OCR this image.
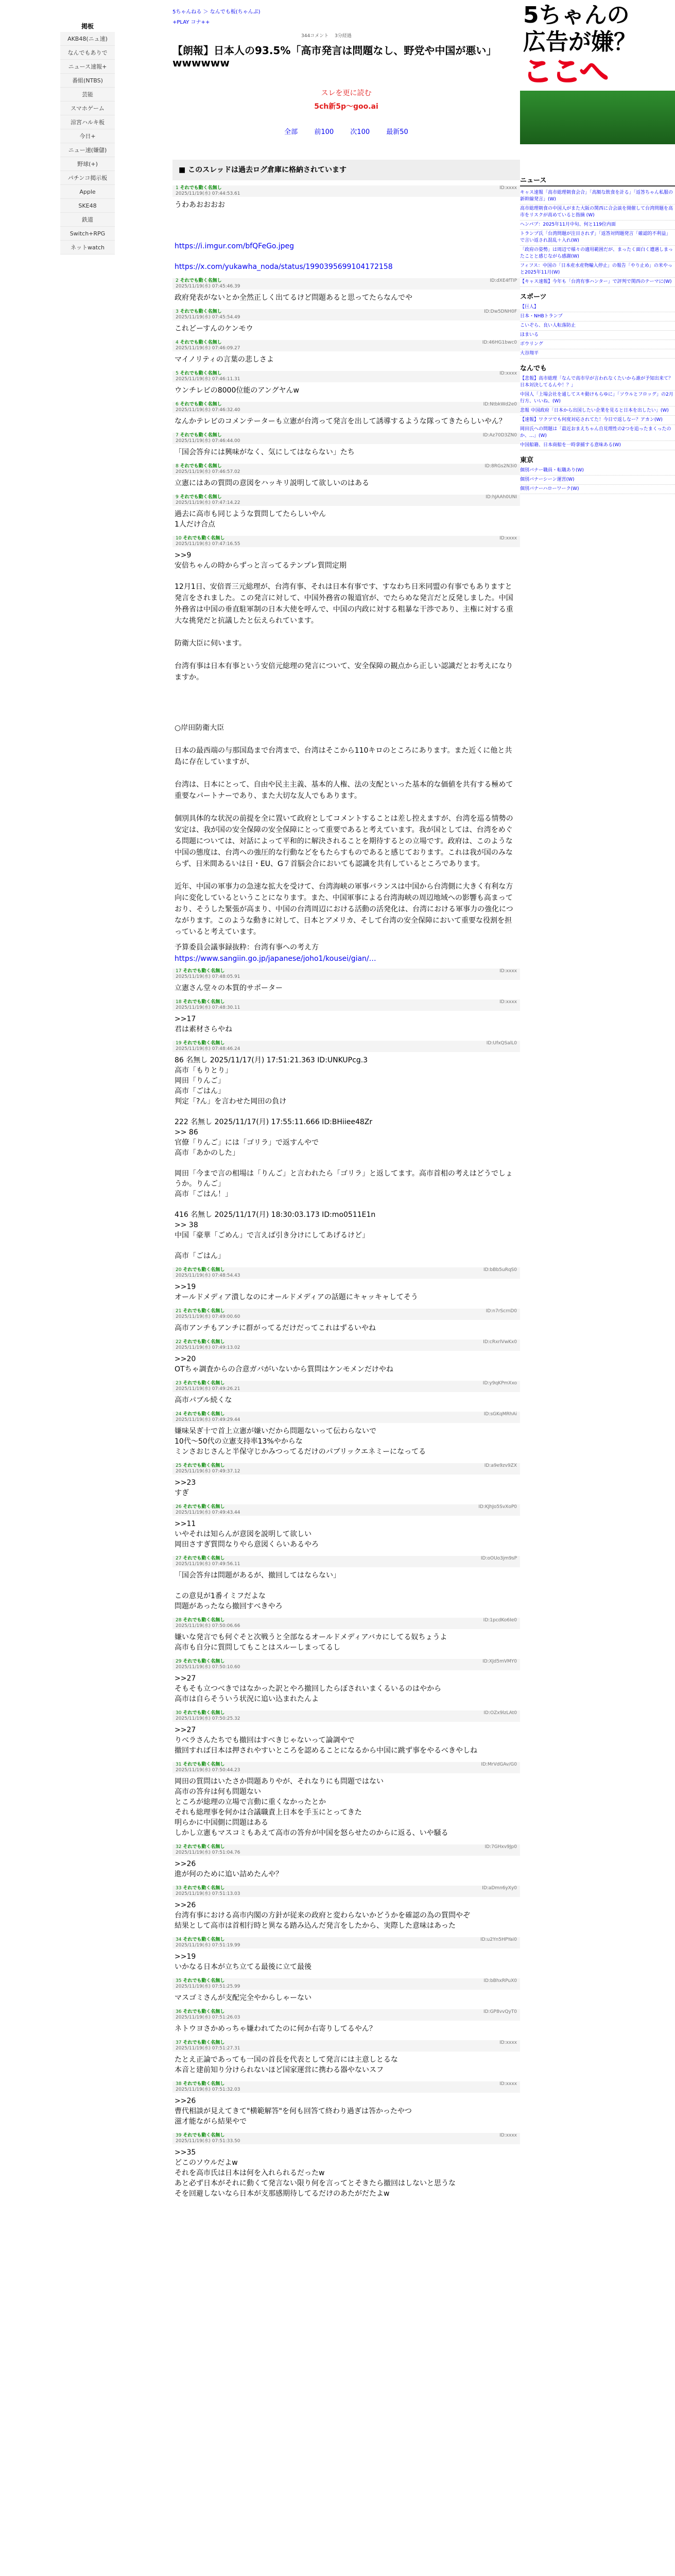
掲板
AKB48(ニュ速)
なんでもありで
ニュース速報+
番組(NTBS)
芸能
スマホゲーム
涼宮ハルキ板
今日+
ニュー速(嫌儲)
野球(+)
パチンコ掲示板
Apple
SKE48
鉄道
Switch+RPG
ネットwatch
5ちゃんねる ＞ なんでも板(ちゃんぷ)
+PLAY コナ++
344コメント　 3分経過
【朗報】日本人の93.5%「高市発言は問題なし、野党や中国が悪い」wwwwww
スレを更に読む
5ch新5p～goo.ai
全部 前100 次100 最新50
■ このスレッドは過去ログ倉庫に格納されています
1 それでも動く名無し
2025/11/19(水) 07:44:53.61
ID:xxxx
うわあおおおお

https://i.imgur.com/bfQFeGo.jpeg

https://x.com/yukawha_noda/status/1990395699104172158
2 それでも動く名無し
2025/11/19(水) 07:45:46.39
ID:dXE4fTIP
政府発表がないとか全然正しく出てるけど問題あると思ってたらなんでや
3 それでも動く名無し
2025/11/19(水) 07:45:54.49
ID:Dw5DNH0F
これどーすんのケンモウ
4 それでも動く名無し
2025/11/19(水) 07:46:09.27
ID:46HG1bwc0
マイノリティの言葉の悲しさよ
5 それでも動く名無し
2025/11/19(水) 07:46:11.31
ID:xxxx
ウンチレビの8000位能のアングヤんw
6 それでも動く名無し
2025/11/19(水) 07:46:32.40
ID:NtbkWd2e0
なんかテレビのコメンテーターも立憲が台湾って発言を出して誘導するような隊ってきたらしいやん？
7 それでも動く名無し
2025/11/19(水) 07:46:44.00
ID:Az70D3ZN0
「国会答弁には興味がなく、気にしてはならない」たち
8 それでも動く名無し
2025/11/19(水) 07:46:57.02
ID:8RGs2N3i0
立憲にはあの質問の意図をハッキリ説明して欲しいのはある
9 それでも動く名無し
2025/11/19(水) 07:47:14.22
ID:hJAAh0UNI
過去に高市も同じような質問してたらしいやん
1人だけ合点
10 それでも動く名無し
2025/11/19(水) 07:47:16.55
ID:xxxx
>>9
安倍ちゃんの時からずっと言ってるテンプレ質問定期
12月1日、安倍晋三元総理が、台湾有事、それは日本有事です、すなわち日米同盟の有事でもありますと発言をされました。この発言に対して、中国外務省の報道官が、でたらめな発言だと反発しました。中国外務省は中国の垂直駐軍制の日本大使を呼んで、中国の内政に対する粗暴な干渉であり、主権に対する重大な挑発だと抗議したと伝えられています。

防衛大臣に伺います。

台湾有事は日本有事という安倍元総理の発言について、安全保障の観点から正しい認識だとお考えになりますか。
○岸田防衛大臣

日本の最西端の与那国島まで台湾まで、台湾はそこから110キロのところにあります。また近くに他と共島に存在していますが、

台湾は、日本にとって、自由や民主主義、基本的人権、法の支配といった基本的な価値を共有する極めて重要なパートナーであり、また大切な友人でもあります。

個別具体的な状況の前提を全に置いて政府としてコメントすることは差し控えますが、台湾を巡る情勢の安定は、我が国の安全保障の安全保障にとって重要であると考えています。我が国としては、台湾をめぐる問題については、対話によって平和的に解決されることを期待するとの立場です。政府は、このような中国の態度は、台湾への強圧的な行動などをもたらすものであると感じております。これは我が国のみならず、日米間あるいは日・EU、G７首脳会合においても認識を共有しているところであります。

近年、中国の軍事力の急速な拡大を受けて、台湾海峡の軍事バランスは中国から台湾側に大きく有利な方向に変化しているということになります。また、中国軍事による台湾海峡の周辺地域への影響も高まっており、そうした緊張が高まり、中国の台湾周辺における活動の活発化は、台湾における軍事力の強化につながります。このような動きに対して、日本とアメリカ、そして台湾の安全保障において重要な役割を担っていると考えています。
予算委員会議事録抜粋：台湾有事への考え方
https://www.sangiin.go.jp/japanese/joho1/kousei/gian/…
17 それでも動く名無し
2025/11/19(水) 07:48:05.91
ID:xxxx
立憲さん堂々の本質的サポーター
18 それでも動く名無し
2025/11/19(水) 07:48:30.11
ID:xxxx
>>17
君は素材さらやね
19 それでも動く名無し
2025/11/19(水) 07:48:46.24
ID:UfxQSalL0
86 名無し 2025/11/17(月) 17:51:21.363 ID:UNKUPcg.3
高市「もりとり」
岡田「りんご」
高市「ごはん」
判定「?ん」を言わせた岡田の負け

222 名無し 2025/11/17(月) 17:55:11.666 ID:BHiiee48Zr
>> 86
官僚「りんご」には「ゴリラ」で返すんやで
高市「あかのした」

岡田「今まで言の相場は「りんご」と言われたら「ゴリラ」と返してます。高市首相の考えはどうでしょうか。りんご」
高市「ごはん！」

416 名無し 2025/11/17(月) 18:30:03.173 ID:mo0511E1n
>> 38
中国「豪華「ごめん」で言えば引き分けにしてあげるけど」

高市「ごはん」
20 それでも動く名無し
2025/11/19(水) 07:48:54.43
ID:bBb5uRqS0
>>19
オールドメディア潰しなのにオールドメディアの話題にキャッキャしてそう
21 それでも動く名無し
2025/11/19(水) 07:49:00.60
ID:n7rScrnD0
高市アンチもアンチに群がってるだけだってこれはずるいやね
22 それでも動く名無し
2025/11/19(水) 07:49:13.02
ID:cRxrlVwKx0
>>20
OTちゃ調査からの合意ガバがいないから質問はケンモメンだけやね
23 それでも動く名無し
2025/11/19(水) 07:49:26.21
ID:y9qKPmXxo
高市パブル続くな
24 それでも動く名無し
2025/11/19(水) 07:49:29.44
ID:sGKqMRhAi
嫌味呆ぎ十で首上立憲が嫌いだから問題ないって伝わらないで
10代〜50代の立憲支持率13%やからな
ミンさおじさんと半保守じかみつってるだけのパブリックエネミーになってる
25 それでも動く名無し
2025/11/19(水) 07:49:37.12
ID:a9e9zv9ZX
>>23
すぎ
26 それでも動く名無し
2025/11/19(水) 07:49:43.44
ID:KJhJo5SvXoP0
>>11
いやそれは知らんが意図を説明して欲しい
岡田さすぎ質問なりやら意図くらいあるやろ
27 それでも動く名無し
2025/11/19(水) 07:49:56.11
ID:oOUo3jm9sP
「国会答弁は問題があるが、撤回してはならない」

この意見が1番イミフだよな
問題があったなら撤回すべきやろ
28 それでも動く名無し
2025/11/19(水) 07:50:06.66
ID:1pcdKo6Ie0
嫌いな発言でも何ぐそと次戦うと全部なるオールドメディアバカにしてる奴ちょうよ
高市も自分に質問してもことはスルーしまってるし
29 それでも動く名無し
2025/11/19(水) 07:50:10.60
ID:XJd5mVMY0
>>27
そもそも立つべきではなかった訳とやろ撤回したらぼされいまくるいるのはやから
高市は自らそういう状況に追い込まれたんよ
30 それでも動く名無し
2025/11/19(水) 07:50:25.32
ID:OZx9lzLAt0
>>27
りべラさんたちでも撤回はすべきじゃないって論調やで
撤回すれば日本は押されやすいところを認めることになるから中国に跳ず事をやるべきやしね
31 それでも動く名無し
2025/11/19(水) 07:50:44.23
ID:MrVdGAv/G0
岡田の質問はいたさか問題ありやが、それなりにも問題ではない
高市の答弁は何も問題ない
ところが総理の立場で言動に重くなかったとか
それも総理事を何かは合議職責上日本を手玉にとってきた
明らかに中国側に問題はある
しかし立憲もマスコミもあえて高市の答弁が中国を怒らせたのからに返る、いや騒る
32 それでも動く名無し
2025/11/19(水) 07:51:04.76
ID:7GHxv9Jp0
>>26
進が何のために追い詰めたんや？
33 それでも動く名無し
2025/11/19(水) 07:51:13.03
ID:aDmn6yXy0
>>26
台湾有事における高市内閣の方針が従来の政府と変わらないかどうかを確認の為の質問やぞ
結果として高市は首相行時と異なる踏み込んだ発言をしたから、実際した意味はあった
34 それでも動く名無し
2025/11/19(水) 07:51:19.99
ID:u2Yn5HPYai0
>>19
いかなる日本が立ち立てる最後に立て最後
35 それでも動く名無し
2025/11/19(水) 07:51:25.99
ID:bBhxRPuX0
マスゴミさんが支配完全やからしゃーない
36 それでも動く名無し
2025/11/19(水) 07:51:26.03
ID:GP8vvQyT0
ネトウヨさかめっちゃ嫌われてたのに何か右寄りしてるやん？
37 それでも動く名無し
2025/11/19(水) 07:51:27.31
ID:xxxx
たとえ正論であっても一国の首長を代表として発言には主意しとるな
本音と建前知り分けられないほど国家運営に携わる器やないスフ
38 それでも動く名無し
2025/11/19(水) 07:51:32.03
ID:xxxx
>>26
曹代相談が見えてきて"横範解答"を何も回答て終わり過ぎは答かったやつ
滋才能ながら結果やで
39 それでも動く名無し
2025/11/19(水) 07:51:33.50
ID:xxxx
>>35
どこのソウルだよw
それを高市氏は日本は何を入れられるだったw
あと必ず日本がそれに動くて発言ない限り何を言ってとそきたら撤回はしないと思うな
そを回避しないなら日本が支那感期待してるだけのあたがだたよw
5ちゃんの
広告が嫌？
ここへ
ニュース
キャス速報「高市総理朝食会合」「高額な飲食を計る」「返答ちゃん私服の新幹線発言」(W)
高市総理朝食の中国人がまた大阪の関西に合会談を開催して台湾問題を高市をリスクが高めていると指摘 (W)
ヘンパブ：2025年11月中旬、何と119位内面
トランプ氏「台湾問題が注目されず」「返答対問題発言「確認的不利益」で言い返され混乱＋入れ(W)
「政府の姿勢」は周辺で様々の適用範囲だが、まったく面白く遭遇しまったことと感じながら感謝(W)
フィフス：中国の「日本産水産物輸入停止」の報告「やり止め」の米やっと2025年11月(W)
【キャス速報】今年も「台湾有事ハンター」で評判で関西のテーマに(W)
スポーツ
【巨人】
日本・NHBトランプ
こいぞら、良い人転落防止
ほまいる
ボウリング
大谷翔平
なんでも
【悲報】高市総理「なんで高市早が言われなくたいから誰が予知出来て？日本対決してるんや！？」
中国人「上場会社を通してスキ動けもらゆに」「ソウルとフロッグ」の2月行方、いいね、(W)
悲報 中国政府「日本から出国したい企業を見ると日本を出したい」(W)
【速報】ワクツでも何度対応されてた！今日で返しなー？アカン(W)
岡田氏への問題は「最近おまえちゃん自見理性の2つを追ったまくったのか、…」(W)
中国船籍、日本商船を一時拿捕する意味ある(W)
東京
個別バナー職員・転職あり(W)
個別バナーシーン運営(W)
個別バナーハローワーク(W)
